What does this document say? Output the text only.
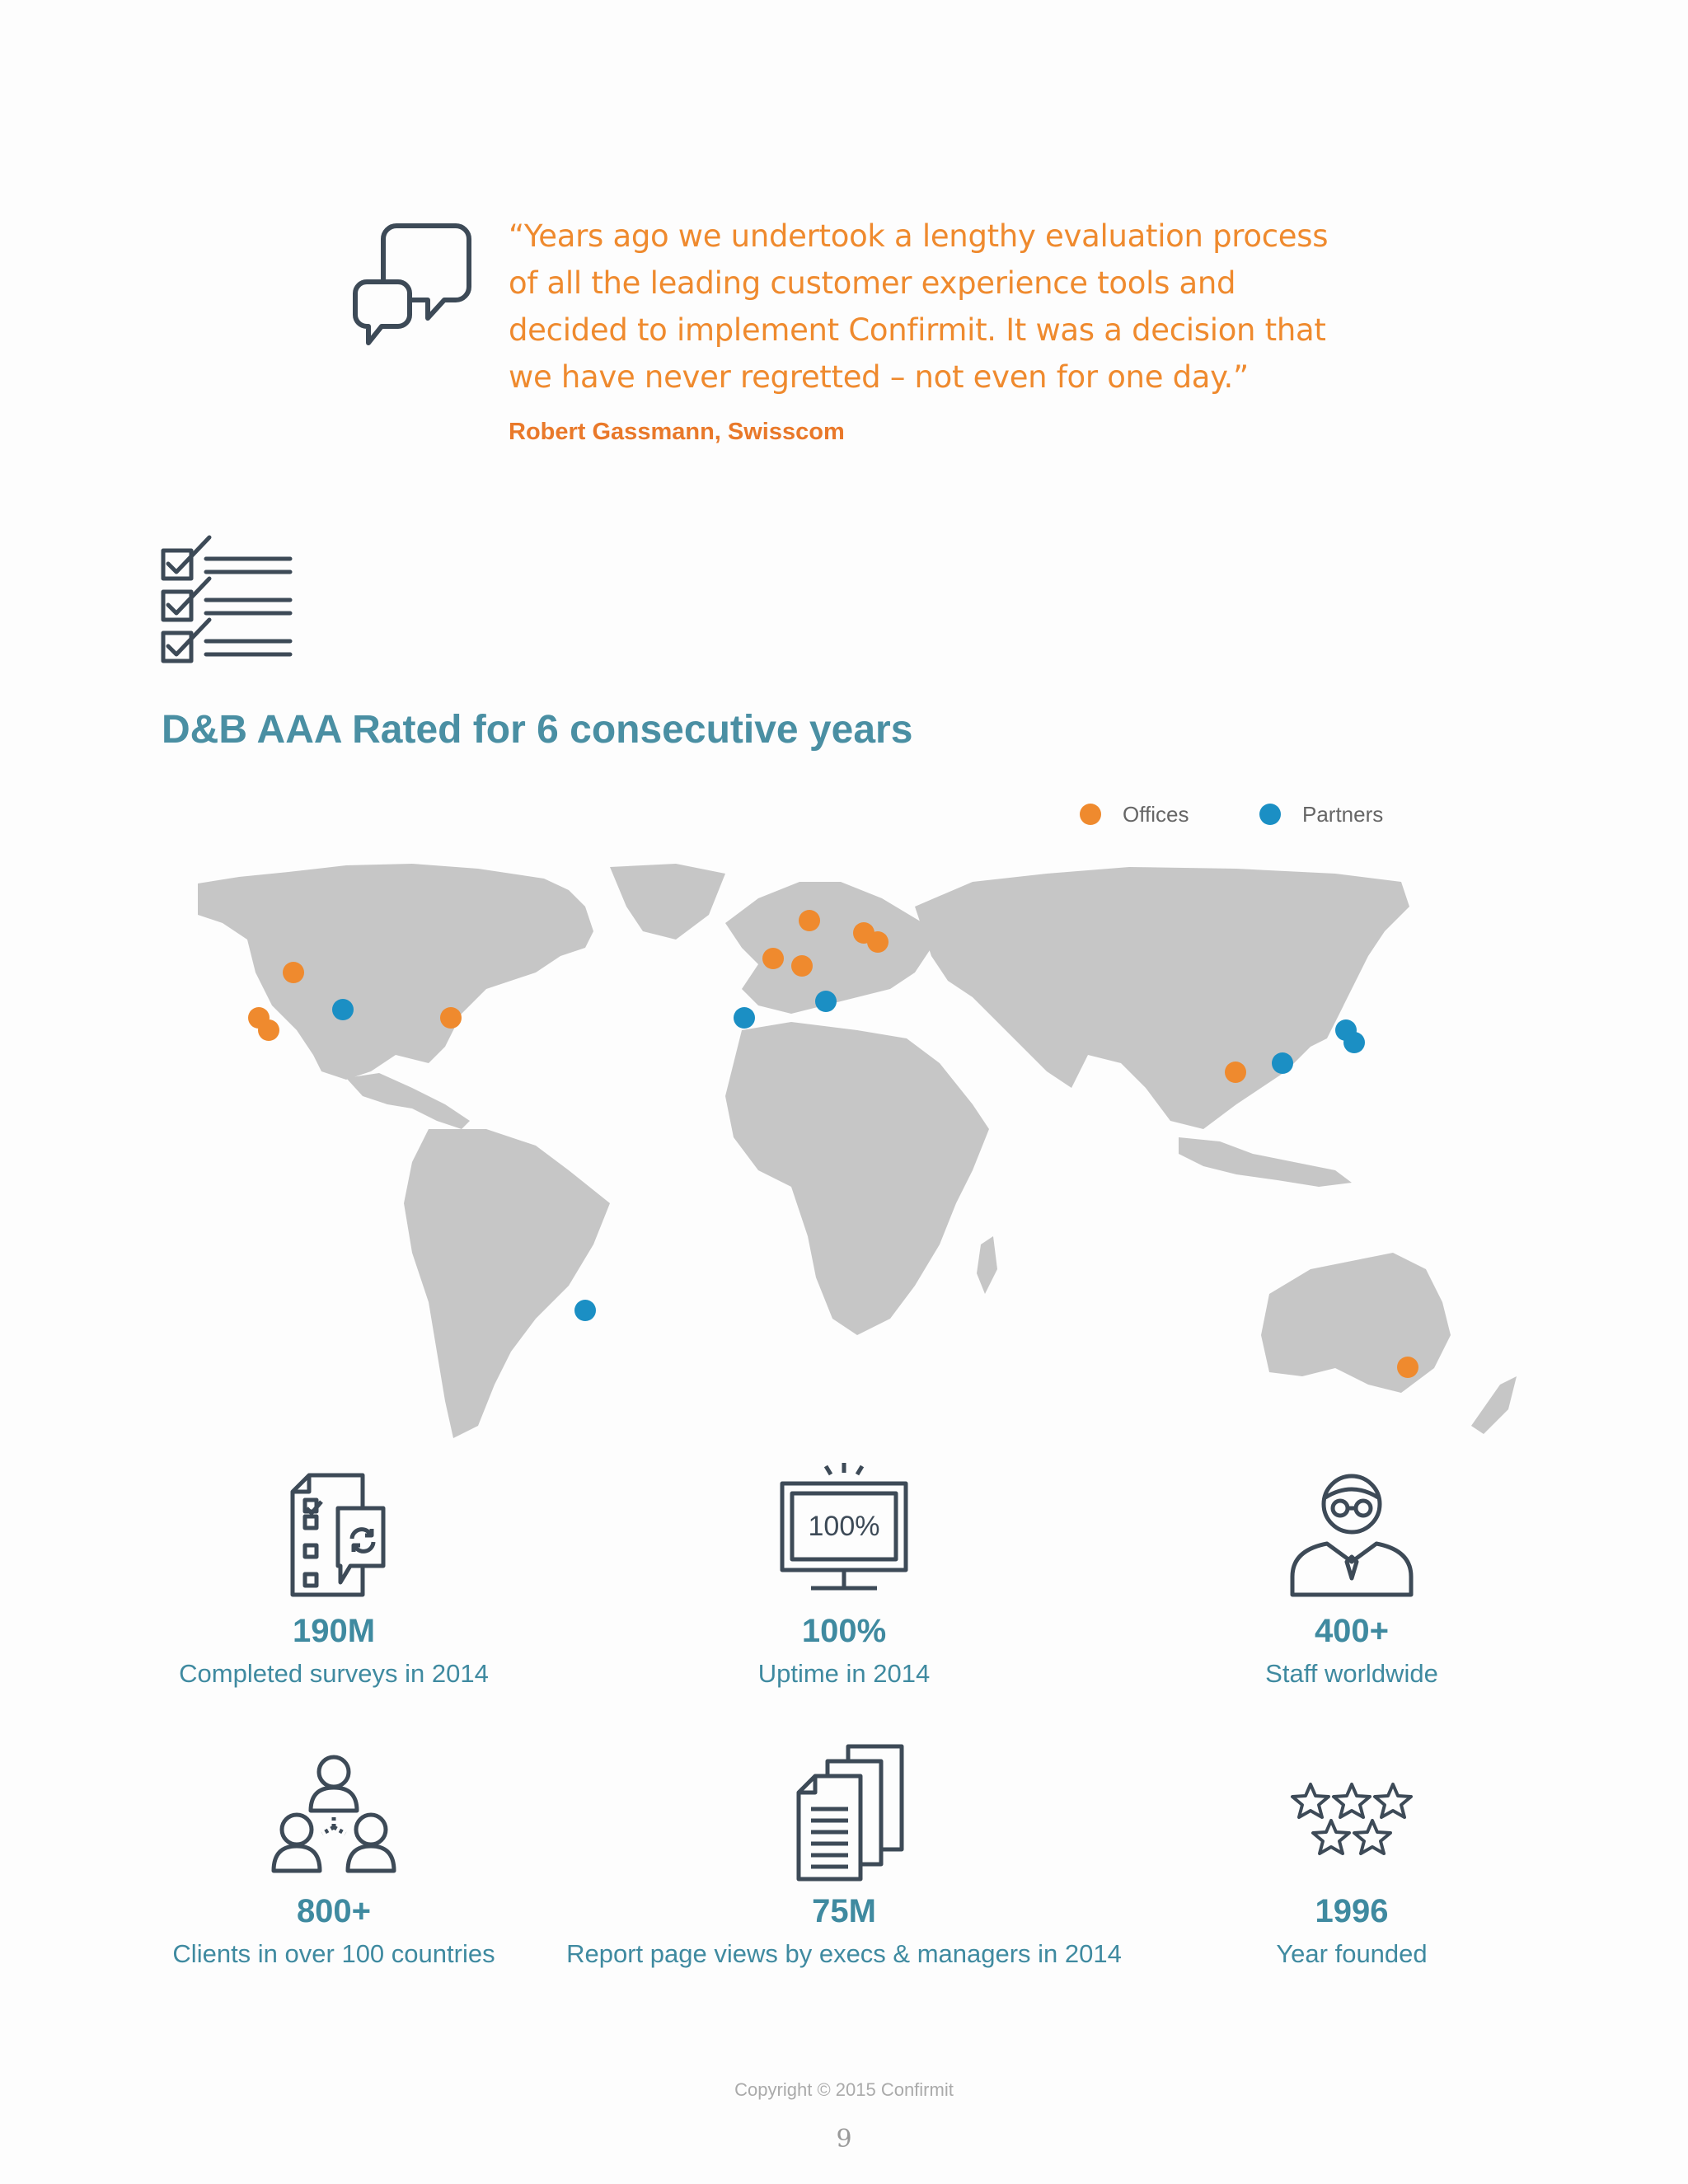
“Years ago we undertook a lengthy evaluation process of all the leading customer experience tools and decided to implement Confirmit. It was a decision that we have never regretted – not even for one day.”
Robert Gassmann, Swisscom
D&B AAA Rated for 6 consecutive years
Offices	Partners
190M
Completed surveys in 2014
100%
100%
Uptime in 2014
400+
Staff worldwide
800+
Clients in over 100 countries
75M
Report page views by execs & managers in 2014
1996
Year founded
Copyright © 2015 Confirmit
9
